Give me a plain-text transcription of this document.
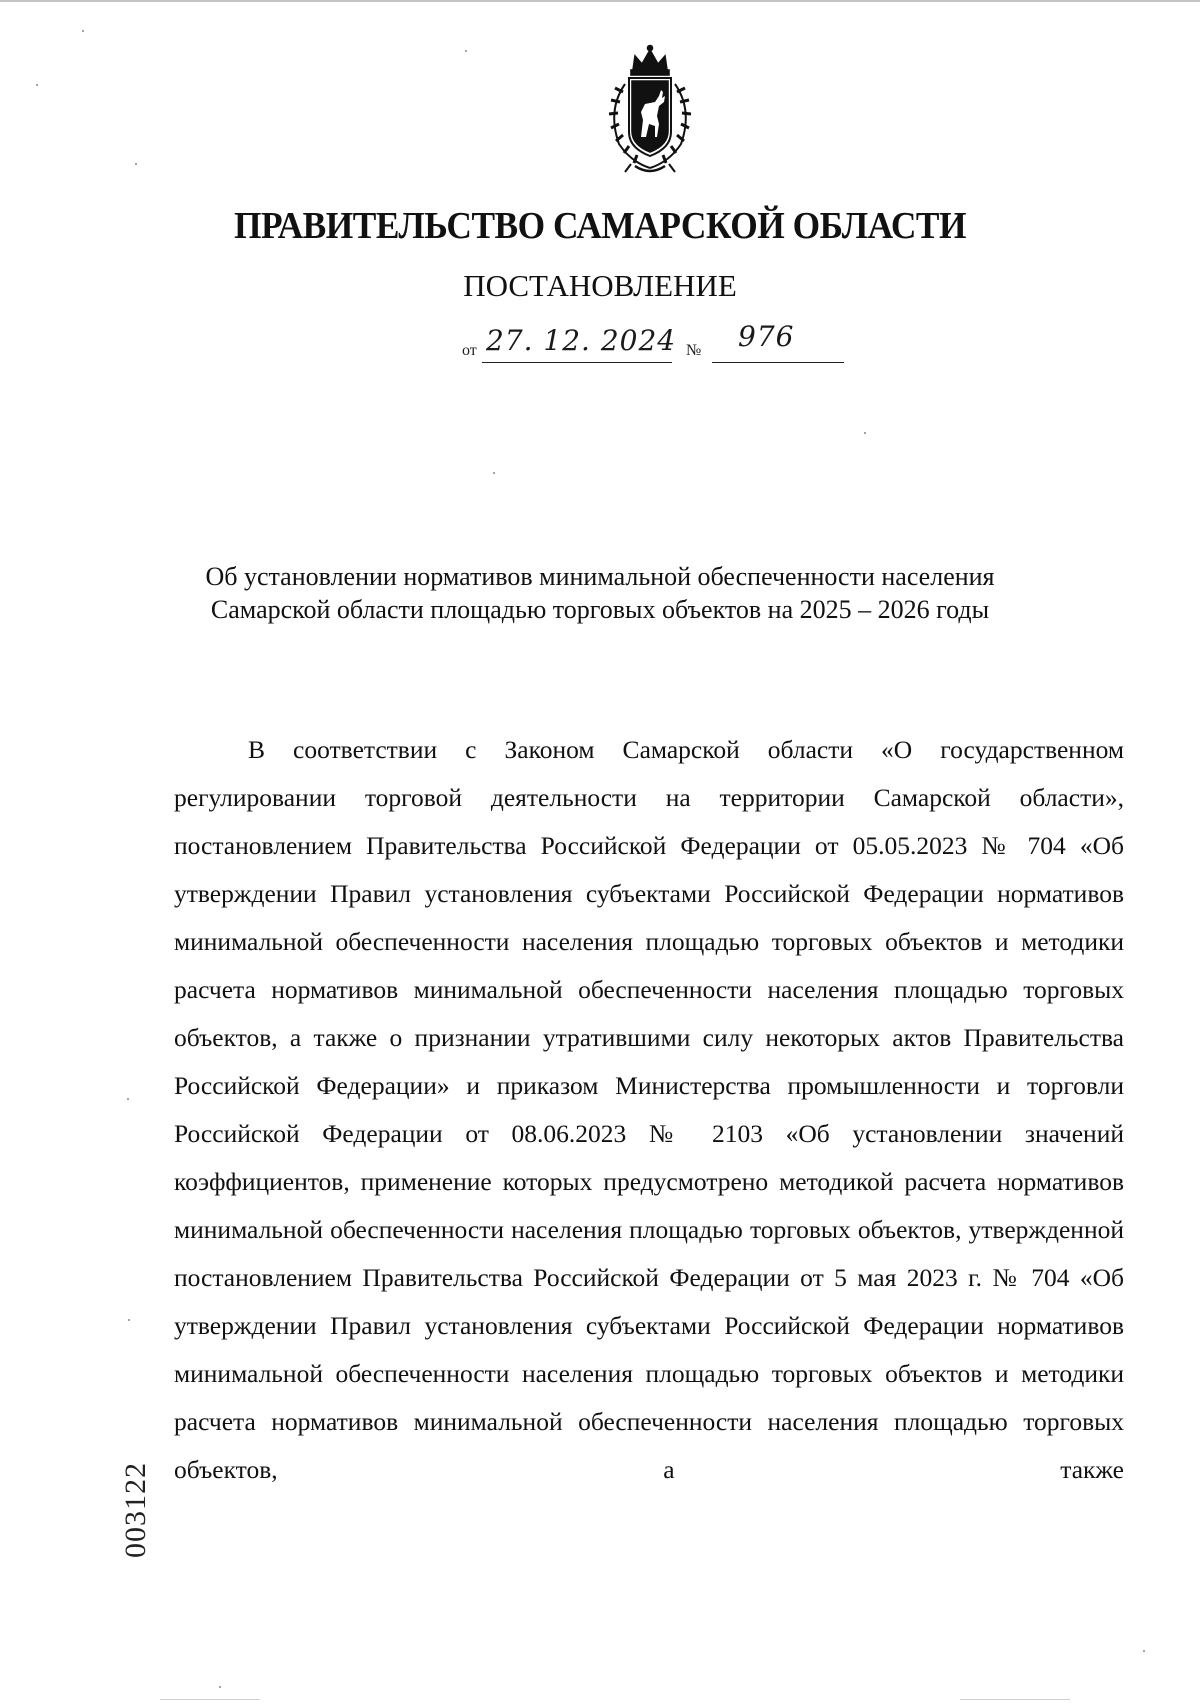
ПРАВИТЕЛЬСТВО САМАРСКОЙ ОБЛАСТИ
ПОСТАНОВЛЕНИЕ
от 27. 12. 2024 № 976
Об установлении нормативов минимальной обеспеченности населения
Самарской области площадью торговых объектов на 2025 – 2026 годы
В соответствии с Законом Самарской области «О государственном регулировании торговой деятельности на территории Самарской области», постановлением Правительства Российской Федерации от 05.05.2023 № 704 «Об утверждении Правил установления субъектами Российской Федерации нормативов минимальной обеспеченности населения площадью торговых объектов и методики расчета нормативов минимальной обеспеченности населения площадью торговых объектов, а также о признании утратившими силу некоторых актов Правительства Российской Федерации» и приказом Министерства промышленности и торговли Российской Федерации от 08.06.2023 № 2103 «Об установлении значений коэффициентов, применение которых предусмотрено методикой расчета нормативов минимальной обеспеченности населения площадью торговых объектов, утвержденной постановлением Правительства Российской Федерации от 5 мая 2023 г. № 704 «Об утверждении Правил установления субъектами Российской Федерации нормативов минимальной обеспеченности населения площадью торговых объектов и методики расчета нормативов минимальной обеспеченности населения площадью торговых объектов, а также
003122
